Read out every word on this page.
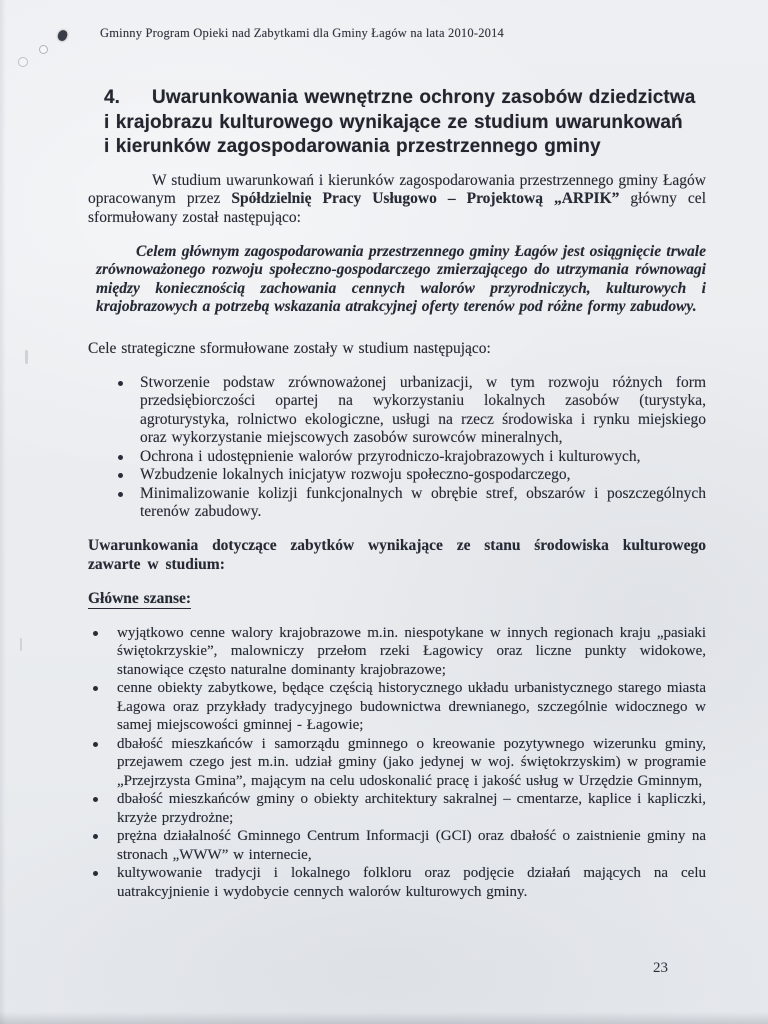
Gminny Program Opieki nad Zabytkami dla Gminy Łagów na lata 2010-2014
4. Uwarunkowania wewnętrzne ochrony zasobów dziedzictwa
i krajobrazu kulturowego wynikające ze studium uwarunkowań
i kierunków zagospodarowania przestrzennego gminy

W studium uwarunkowań i kierunków zagospodarowania przestrzennego gminy Łagów opracowanym przez Spółdzielnię Pracy Usługowo – Projektową „ARPIK” główny cel sformułowany został następująco:

Celem głównym zagospodarowania przestrzennego gminy Łagów jest osiągnięcie trwale zrównoważonego rozwoju społeczno-gospodarczego zmierzającego do utrzymania równowagi między koniecznością zachowania cennych walorów przyrodniczych, kulturowych i krajobrazowych a potrzebą wskazania atrakcyjnej oferty terenów pod różne formy zabudowy.

Cele strategiczne sformułowane zostały w studium następująco:

Stworzenie podstaw zrównoważonej urbanizacji, w tym rozwoju różnych form przedsiębiorczości opartej na wykorzystaniu lokalnych zasobów (turystyka, agroturystyka, rolnictwo ekologiczne, usługi na rzecz środowiska i rynku miejskiego oraz wykorzystanie miejscowych zasobów surowców mineralnych,
Ochrona i udostępnienie walorów przyrodniczo-krajobrazowych i kulturowych,
Wzbudzenie lokalnych inicjatyw rozwoju społeczno-gospodarczego,
Minimalizowanie kolizji funkcjonalnych w obrębie stref, obszarów i poszczególnych terenów zabudowy.

Uwarunkowania dotyczące zabytków wynikające ze stanu środowiska kulturowego zawarte w studium:

Główne szanse:

wyjątkowo cenne walory krajobrazowe m.in. niespotykane w innych regionach kraju „pasiaki świętokrzyskie”, malowniczy przełom rzeki Łagowicy oraz liczne punkty widokowe, stanowiące często naturalne dominanty krajobrazowe;
cenne obiekty zabytkowe, będące częścią historycznego układu urbanistycznego starego miasta Łagowa oraz przykłady tradycyjnego budownictwa drewnianego, szczególnie widocznego w samej miejscowości gminnej - Łagowie;
dbałość mieszkańców i samorządu gminnego o kreowanie pozytywnego wizerunku gminy, przejawem czego jest m.in. udział gminy (jako jedynej w woj. świętokrzyskim) w programie „Przejrzysta Gmina”, mającym na celu udoskonalić pracę i jakość usług w Urzędzie Gminnym,
dbałość mieszkańców gminy o obiekty architektury sakralnej – cmentarze, kaplice i kapliczki, krzyże przydrożne;
prężna działalność Gminnego Centrum Informacji (GCI) oraz dbałość o zaistnienie gminy na stronach „WWW” w internecie,
kultywowanie tradycji i lokalnego folkloru oraz podjęcie działań mających na celu uatrakcyjnienie i wydobycie cennych walorów kulturowych gminy.
23
